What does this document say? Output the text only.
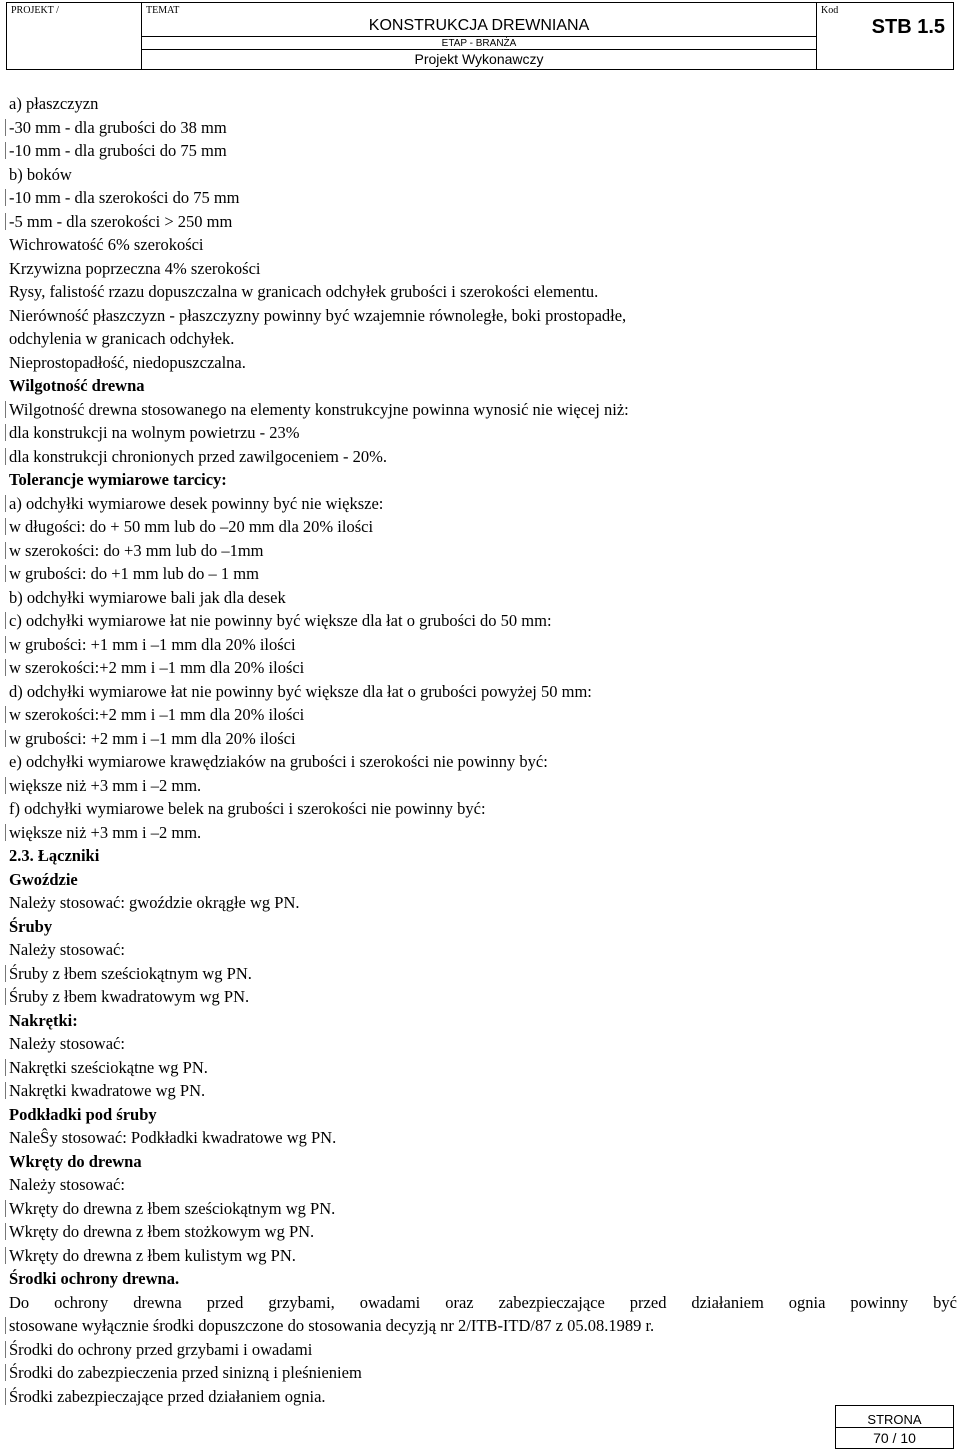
PROJEKT /	TEMAT
KONSTRUKCJA DREWNIANA
ETAP - BRANŻA
Projekt Wykonawczy
Kod
STB 1.5
a) płaszczyzn
-30 mm - dla grubości do 38 mm
-10 mm - dla grubości do 75 mm
b) boków
-10 mm - dla szerokości do 75 mm
-5 mm - dla szerokości > 250 mm
Wichrowatość 6% szerokości
Krzywizna poprzeczna 4% szerokości
Rysy, falistość rzazu dopuszczalna w granicach odchyłek grubości i szerokości elementu.
Nierówność płaszczyzn - płaszczyzny powinny być wzajemnie równoległe, boki prostopadłe,
odchylenia w granicach odchyłek.
Nieprostopadłość, niedopuszczalna.
Wilgotność drewna
Wilgotność drewna stosowanego na elementy konstrukcyjne powinna wynosić nie więcej niż:
dla konstrukcji na wolnym powietrzu - 23%
dla konstrukcji chronionych przed zawilgoceniem - 20%.
Tolerancje wymiarowe tarcicy:
a) odchyłki wymiarowe desek powinny być nie większe:
w długości: do + 50 mm lub do –20 mm dla 20% ilości
w szerokości: do +3 mm lub do –1mm
w grubości: do +1 mm lub do – 1 mm
b) odchyłki wymiarowe bali jak dla desek
c) odchyłki wymiarowe łat nie powinny być większe dla łat o grubości do 50 mm:
w grubości: +1 mm i –1 mm dla 20% ilości
w szerokości:+2 mm i –1 mm dla 20% ilości
d) odchyłki wymiarowe łat nie powinny być większe dla łat o grubości powyżej 50 mm:
w szerokości:+2 mm i –1 mm dla 20% ilości
w grubości: +2 mm i –1 mm dla 20% ilości
e) odchyłki wymiarowe krawędziaków na grubości i szerokości nie powinny być:
większe niż +3 mm i –2 mm.
f) odchyłki wymiarowe belek na grubości i szerokości nie powinny być:
większe niż +3 mm i –2 mm.
2.3. Łączniki
Gwoździe
Należy stosować: gwoździe okrągłe wg PN.
Śruby
Należy stosować:
Śruby z łbem sześciokątnym wg PN.
Śruby z łbem kwadratowym wg PN.
Nakrętki:
Należy stosować:
Nakrętki sześciokątne wg PN.
Nakrętki kwadratowe wg PN.
Podkładki pod śruby
NaleŜy stosować: Podkładki kwadratowe wg PN.
Wkręty do drewna
Należy stosować:
Wkręty do drewna z łbem sześciokątnym wg PN.
Wkręty do drewna z łbem stożkowym wg PN.
Wkręty do drewna z łbem kulistym wg PN.
Środki ochrony drewna.
Do ochrony drewna przed grzybami, owadami oraz zabezpieczające przed działaniem ognia powinny być
stosowane wyłącznie środki dopuszczone do stosowania decyzją nr 2/ITB-ITD/87 z 05.08.1989 r.
Środki do ochrony przed grzybami i owadami
Środki do zabezpieczenia przed sinizną i pleśnieniem
Środki zabezpieczające przed działaniem ognia.
STRONA
70 / 10
